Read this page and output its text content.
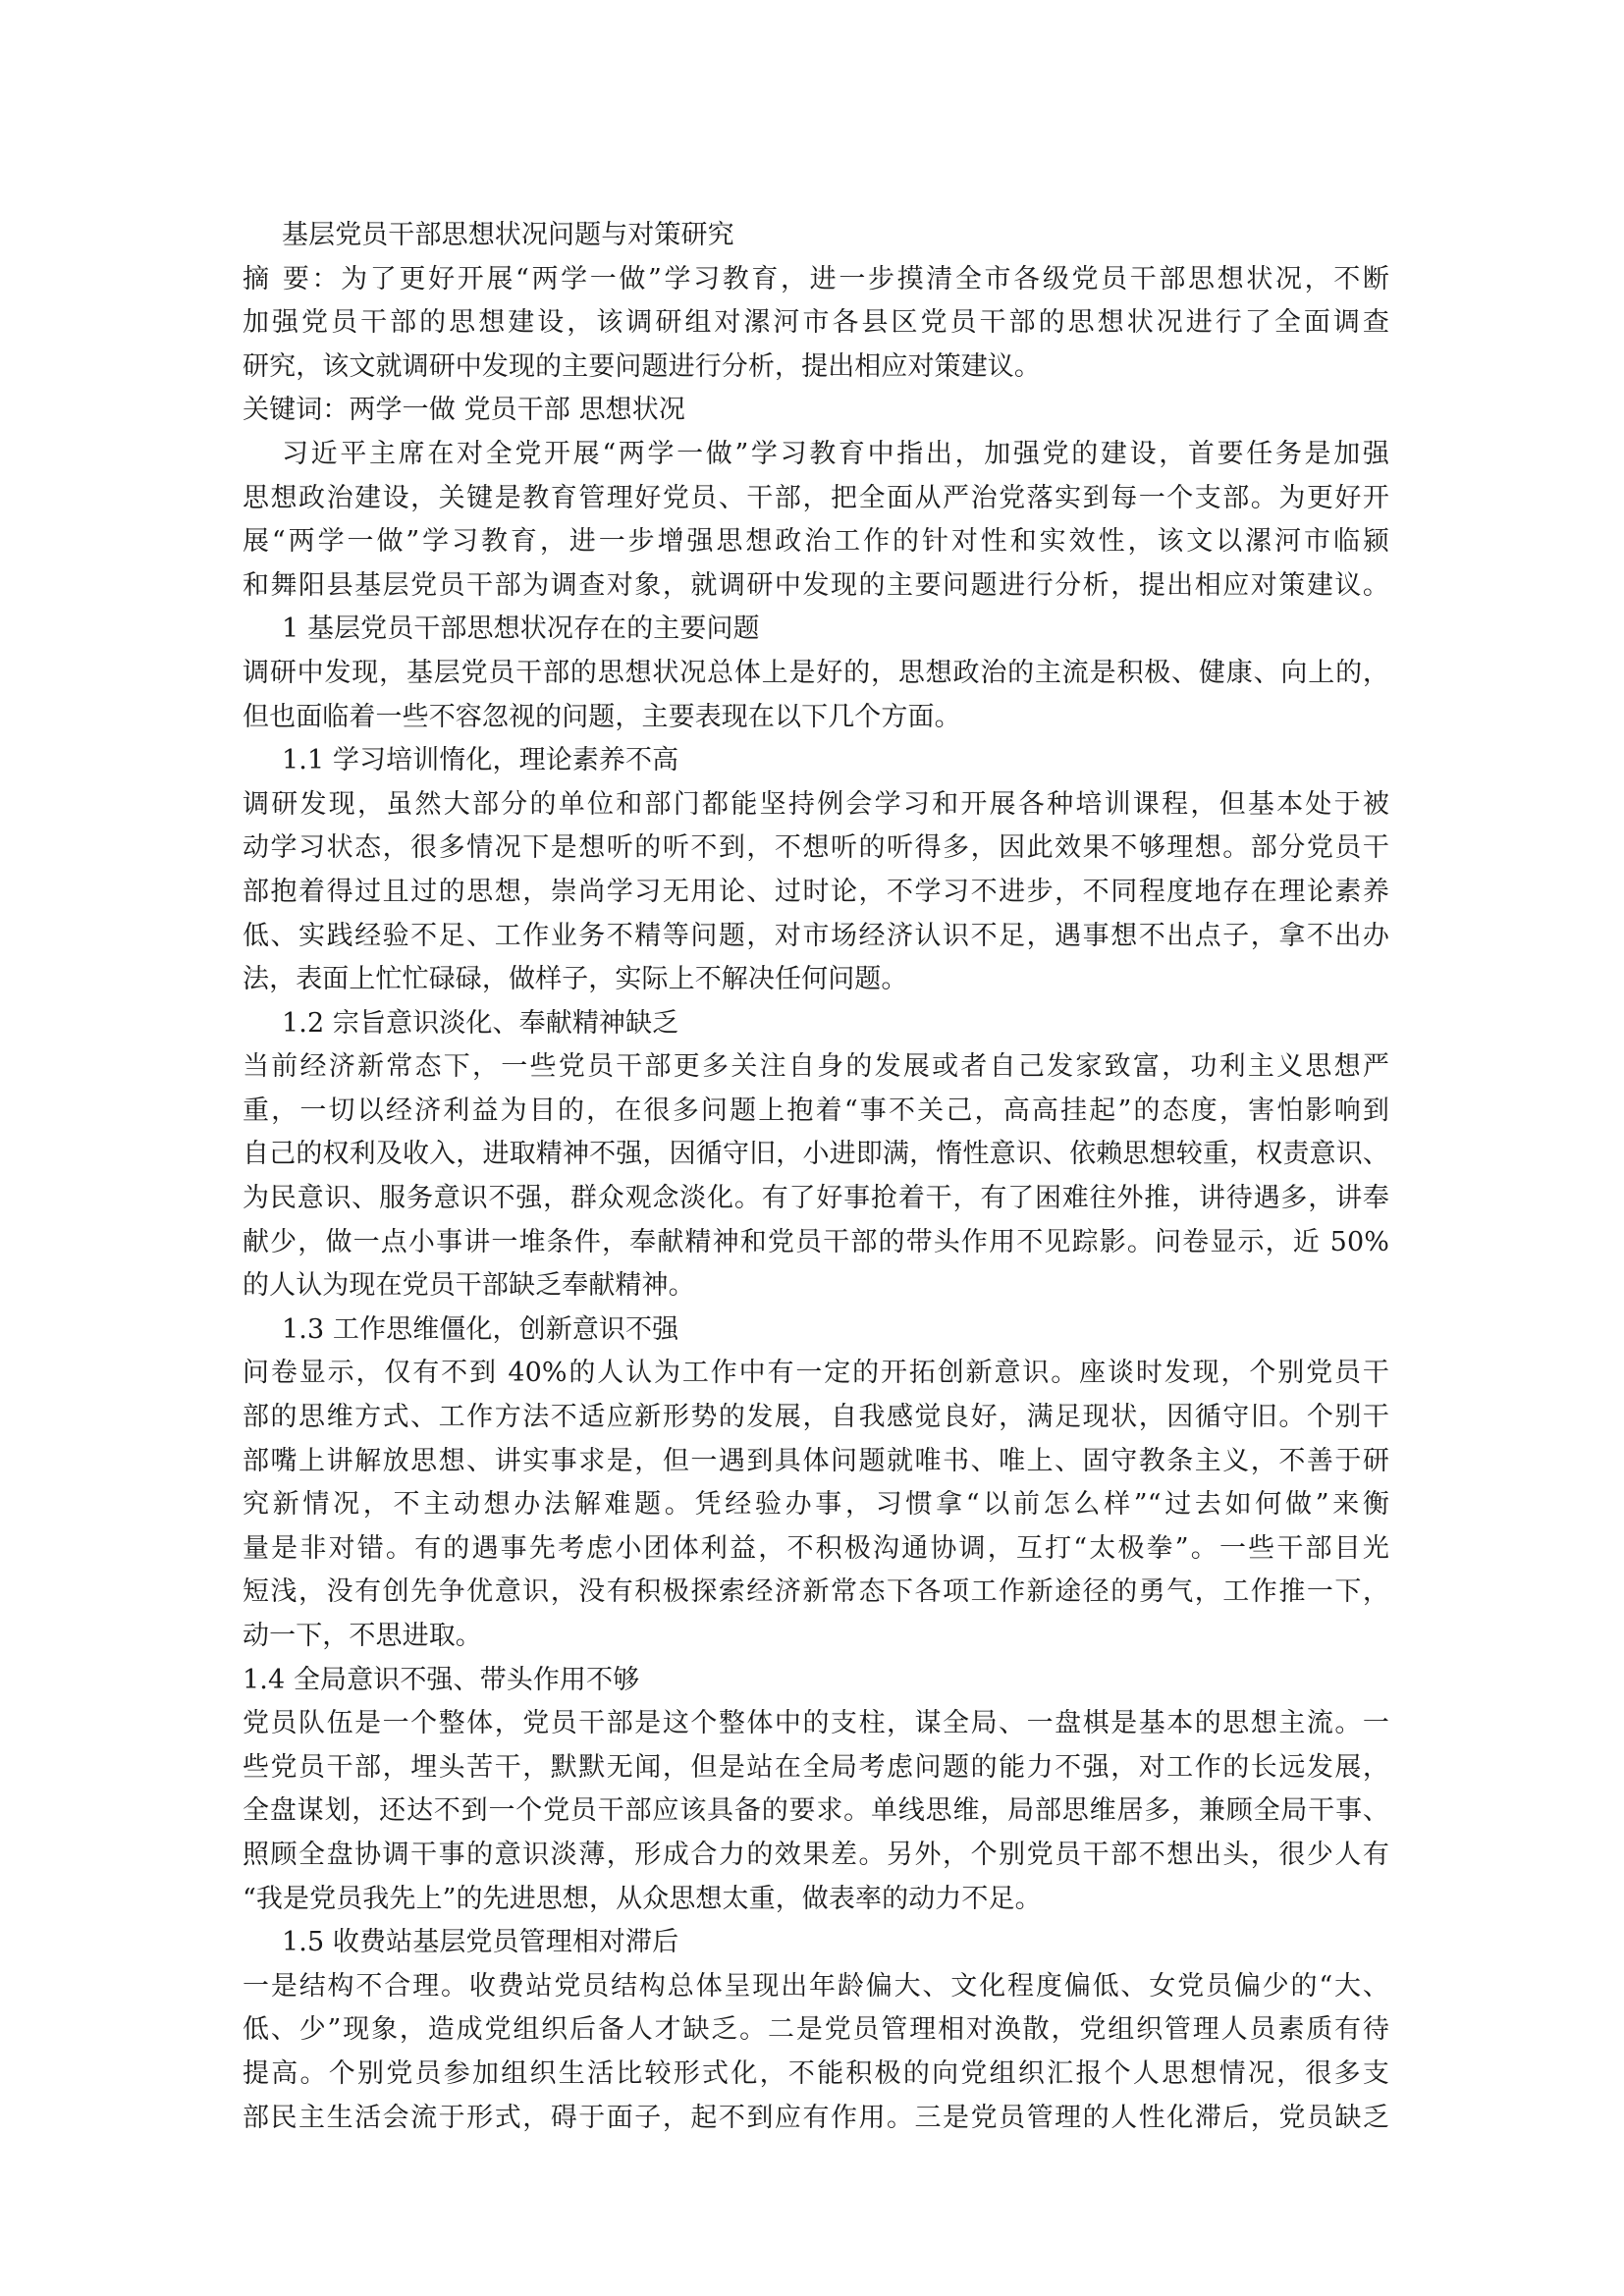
基层党员干部思想状况问题与对策研究
摘 要：为了更好开展“两学一做”学习教育，进一步摸清全市各级党员干部思想状况，不断
加强党员干部的思想建设，该调研组对漯河市各县区党员干部的思想状况进行了全面调查
研究，该文就调研中发现的主要问题进行分析，提出相应对策建议。
关键词：两学一做 党员干部 思想状况
习近平主席在对全党开展“两学一做”学习教育中指出，加强党的建设，首要任务是加强
思想政治建设，关键是教育管理好党员、干部，把全面从严治党落实到每一个支部。为更好开
展“两学一做”学习教育，进一步增强思想政治工作的针对性和实效性，该文以漯河市临颍
和舞阳县基层党员干部为调查对象，就调研中发现的主要问题进行分析，提出相应对策建议。
1 基层党员干部思想状况存在的主要问题
调研中发现，基层党员干部的思想状况总体上是好的，思想政治的主流是积极、健康、向上的，
但也面临着一些不容忽视的问题，主要表现在以下几个方面。
1.1 学习培训惰化，理论素养不高
调研发现，虽然大部分的单位和部门都能坚持例会学习和开展各种培训课程，但基本处于被
动学习状态，很多情况下是想听的听不到，不想听的听得多，因此效果不够理想。部分党员干
部抱着得过且过的思想，崇尚学习无用论、过时论，不学习不进步，不同程度地存在理论素养
低、实践经验不足、工作业务不精等问题，对市场经济认识不足，遇事想不出点子，拿不出办
法，表面上忙忙碌碌，做样子，实际上不解决任何问题。
1.2 宗旨意识淡化、奉献精神缺乏
当前经济新常态下，一些党员干部更多关注自身的发展或者自己发家致富，功利主义思想严
重，一切以经济利益为目的，在很多问题上抱着“事不关己，高高挂起”的态度，害怕影响到
自己的权利及收入，进取精神不强，因循守旧，小进即满，惰性意识、依赖思想较重，权责意识、
为民意识、服务意识不强，群众观念淡化。有了好事抢着干，有了困难往外推，讲待遇多，讲奉
献少，做一点小事讲一堆条件，奉献精神和党员干部的带头作用不见踪影。问卷显示，近 50%
的人认为现在党员干部缺乏奉献精神。
1.3 工作思维僵化，创新意识不强
问卷显示，仅有不到 40%的人认为工作中有一定的开拓创新意识。座谈时发现，个别党员干
部的思维方式、工作方法不适应新形势的发展，自我感觉良好，满足现状，因循守旧。个别干
部嘴上讲解放思想、讲实事求是，但一遇到具体问题就唯书、唯上、固守教条主义，不善于研
究新情况，不主动想办法解难题。凭经验办事，习惯拿“以前怎么样”“过去如何做”来衡
量是非对错。有的遇事先考虑小团体利益，不积极沟通协调，互打“太极拳”。一些干部目光
短浅，没有创先争优意识，没有积极探索经济新常态下各项工作新途径的勇气，工作推一下，
动一下，不思进取。
1.4 全局意识不强、带头作用不够
党员队伍是一个整体，党员干部是这个整体中的支柱，谋全局、一盘棋是基本的思想主流。一
些党员干部，埋头苦干，默默无闻，但是站在全局考虑问题的能力不强，对工作的长远发展，
全盘谋划，还达不到一个党员干部应该具备的要求。单线思维，局部思维居多，兼顾全局干事、
照顾全盘协调干事的意识淡薄，形成合力的效果差。另外，个别党员干部不想出头，很少人有
“我是党员我先上”的先进思想，从众思想太重，做表率的动力不足。
1.5 收费站基层党员管理相对滞后
一是结构不合理。收费站党员结构总体呈现出年龄偏大、文化程度偏低、女党员偏少的“大、
低、少”现象，造成党组织后备人才缺乏。二是党员管理相对涣散，党组织管理人员素质有待
提高。个别党员参加组织生活比较形式化，不能积极的向党组织汇报个人思想情况，很多支
部民主生活会流于形式，碍于面子，起不到应有作用。三是党员管理的人性化滞后，党员缺乏
